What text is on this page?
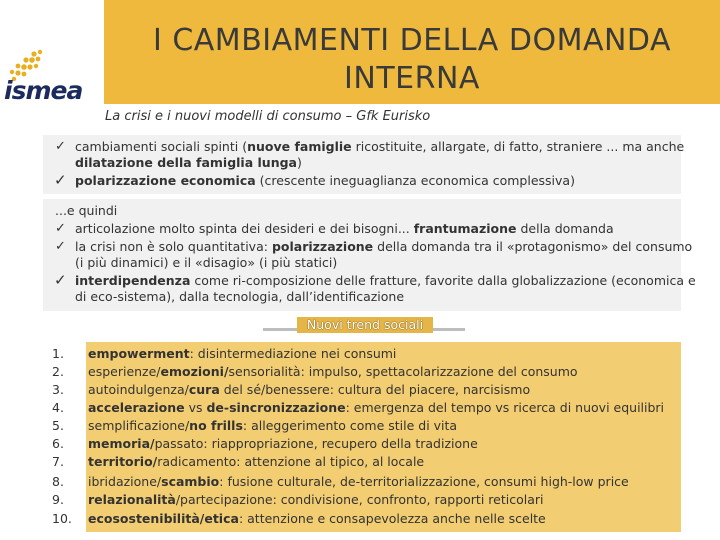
ismea
I CAMBIAMENTI DELLA DOMANDA
INTERNA
La crisi e i nuovi modelli di consumo – Gfk Eurisko
✓ cambiamenti sociali spinti (nuove famiglie ricostituite, allargate, di fatto, straniere ... ma anche
dilatazione della famiglia lunga)
✓ polarizzazione economica (crescente ineguaglianza economica complessiva)
...e quindi
✓ articolazione molto spinta dei desideri e dei bisogni... frantumazione della domanda
✓ la crisi non è solo quantitativa: polarizzazione della domanda tra il «protagonismo» del consumo
(i più dinamici) e il «disagio» (i più statici)
✓ interdipendenza come ri-composizione delle fratture, favorite dalla globalizzazione (economica e
di eco-sistema), dalla tecnologia, dall’identificazione
Nuovi trend sociali
1. empowerment: disintermediazione nei consumi
2. esperienze/emozioni/sensorialità: impulso, spettacolarizzazione del consumo
3. autoindulgenza/cura del sé/benessere: cultura del piacere, narcisismo
4. accelerazione vs de-sincronizzazione: emergenza del tempo vs ricerca di nuovi equilibri
5. semplificazione/no frills: alleggerimento come stile di vita
6. memoria/passato: riappropriazione, recupero della tradizione
7. territorio/radicamento: attenzione al tipico, al locale
8. ibridazione/scambio: fusione culturale, de-territorializzazione, consumi high-low price
9. relazionalità/partecipazione: condivisione, confronto, rapporti reticolari
10. ecosostenibilità/etica: attenzione e consapevolezza anche nelle scelte
